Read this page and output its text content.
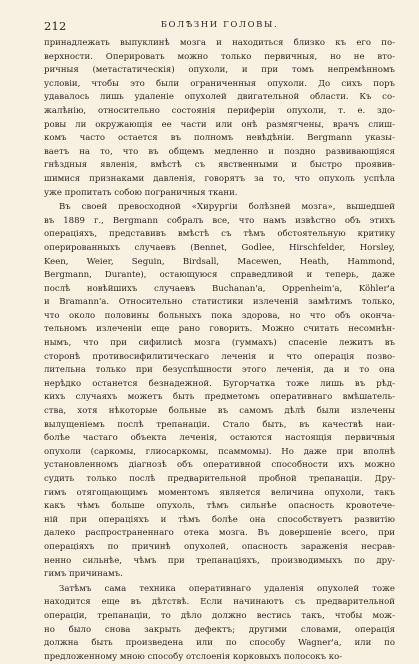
212	БОЛѢЗНИ ГОЛОВЫ.
принадлежать выпуклинѣ мозга и находиться близко къ его по-
верхности. Оперировать можно только первичныя, но не вто-
ричныя (метастатическія) опухоли, и при томъ непремѣнномъ
условіи, чтобы это были ограниченныя опухоли. До сихъ поръ
удавалось лишь удаленіе опухолей двигательной области. Къ со-
жалѣнію, относительно состоянія периферіи опухоли, т. е. здо-
ровы ли окружающія ее части или онѣ размягчены, врачъ слиш-
комъ часто остается въ полномъ невѣдѣніи. Bergmann указы-
ваетъ на то, что въ общемъ медленно и поздно развивающіяся
гнѣздныя явленія, вмѣстѣ съ явственными и быстро проявив-
шимися признаками давленія, говорятъ за то, что опухоль успѣла
уже пропитать собою пограничныя ткани.
Въ своей превосходной «Хирургіи болѣзней мозга», вышедшей
въ 1889 г., Bergmann собралъ все, что намъ извѣстно объ этихъ
операціяхъ, представивъ вмѣстѣ съ тѣмъ обстоятельную критику
оперированныхъ случаевъ (Bennet, Godlee, Hirschfelder, Horsley,
Keen, Weier, Seguin, Birdsall, Macewen, Heath, Hammond,
Bergmann, Durante), остающуюся справедливой и теперь, даже
послѣ новѣйшихъ случаевъ Buchanan'а, Oppenheim'а, Köhler'а
и Bramann'а. Относительно статистики излеченій замѣтимъ только,
что около половины больныхъ пока здорова, но что объ оконча-
тельномъ излеченіи еще рано говорить. Можно считать несомнѣн-
нымъ, что при сифилисѣ мозга (гуммахъ) спасеніе лежитъ въ
сторонѣ противосифилитическаго леченія и что операція позво-
лительна только при безуспѣшности этого леченія, да и то она
нерѣдко останется безнадежной. Бугорчатка тоже лишь въ рѣд-
кихъ случаяхъ можетъ быть предметомъ оперативнаго вмѣшатель-
ства, хотя нѣкоторые больные въ самомъ дѣлѣ были излечены
вылущеніемъ послѣ трепанаціи. Стало быть, въ качествѣ наи-
болѣе частаго объекта леченія, остаются настоящія первичныя
опухоли (саркомы, глиосаркомы, псаммомы). Но даже при вполнѣ
установленномъ діагнозѣ объ оперативной способности ихъ можно
судить только послѣ предварительной пробной трепанаціи. Дру-
гимъ отягощающимъ моментомъ является величина опухоли, такъ
какъ чѣмъ больше опухоль, тѣмъ сильнѣе опасность кровотече-
ній при операціяхъ и тѣмъ болѣе она способствуетъ развитію
далеко распространеннаго отека мозга. Въ довершеніе всего, при
операціяхъ по причинѣ опухолей, опасность зараженія несрав-
ненно сильнѣе, чѣмъ при трепанаціяхъ, производимыхъ по дру-
гимъ причинамъ.
Затѣмъ сама техника оперативнаго удаленія опухолей тоже
находится еще въ дѣтствѣ. Если начинаютъ съ предварительной
операціи, трепанаціи, то дѣло должно вестись такъ, чтобы мож-
но было снова закрыть дефектъ; другими словами, операція
должна быть произведена или по способу Wagner'а, или по
предложенному мною способу отслоенія корковыхъ полосокъ ко-
